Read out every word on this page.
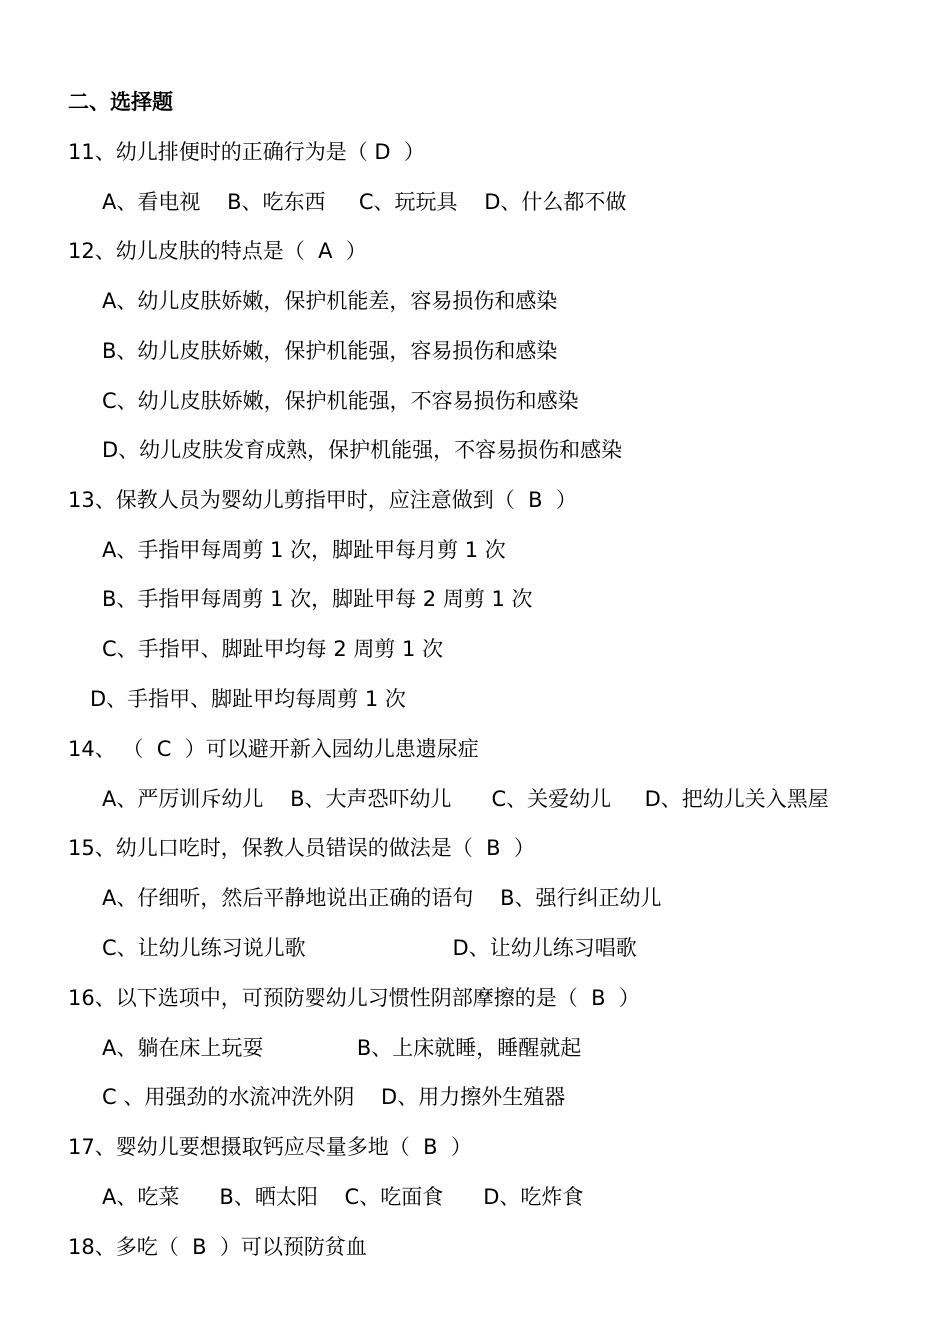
二、选择题
11、幼儿排便时的正确行为是（ D  ）
A、看电视    B、吃东西     C、玩玩具    D、什么都不做
12、幼儿皮肤的特点是（  A  ）
A、幼儿皮肤娇嫩，保护机能差，容易损伤和感染
B、幼儿皮肤娇嫩，保护机能强，容易损伤和感染
C、幼儿皮肤娇嫩，保护机能强，不容易损伤和感染
D、幼儿皮肤发育成熟，保护机能强，不容易损伤和感染
13、保教人员为婴幼儿剪指甲时，应注意做到（  B  ）
A、手指甲每周剪 1 次，脚趾甲每月剪 1 次
B、手指甲每周剪 1 次，脚趾甲每 2 周剪 1 次
C、手指甲、脚趾甲均每 2 周剪 1 次
D、手指甲、脚趾甲均每周剪 1 次
14、 （  C  ）可以避开新入园幼儿患遗尿症
A、严厉训斥幼儿    B、大声恐吓幼儿      C、关爱幼儿     D、把幼儿关入黑屋
15、幼儿口吃时，保教人员错误的做法是（  B  ）
A、仔细听，然后平静地说出正确的语句    B、强行纠正幼儿
C、让幼儿练习说儿歌                      D、让幼儿练习唱歌
16、以下选项中，可预防婴幼儿习惯性阴部摩擦的是（  B  ）
A、躺在床上玩耍              B、上床就睡，睡醒就起
C 、用强劲的水流冲洗外阴    D、用力擦外生殖器
17、婴幼儿要想摄取钙应尽量多地（  B  ）
A、吃菜      B、晒太阳    C、吃面食      D、吃炸食
18、多吃（  B  ）可以预防贫血
